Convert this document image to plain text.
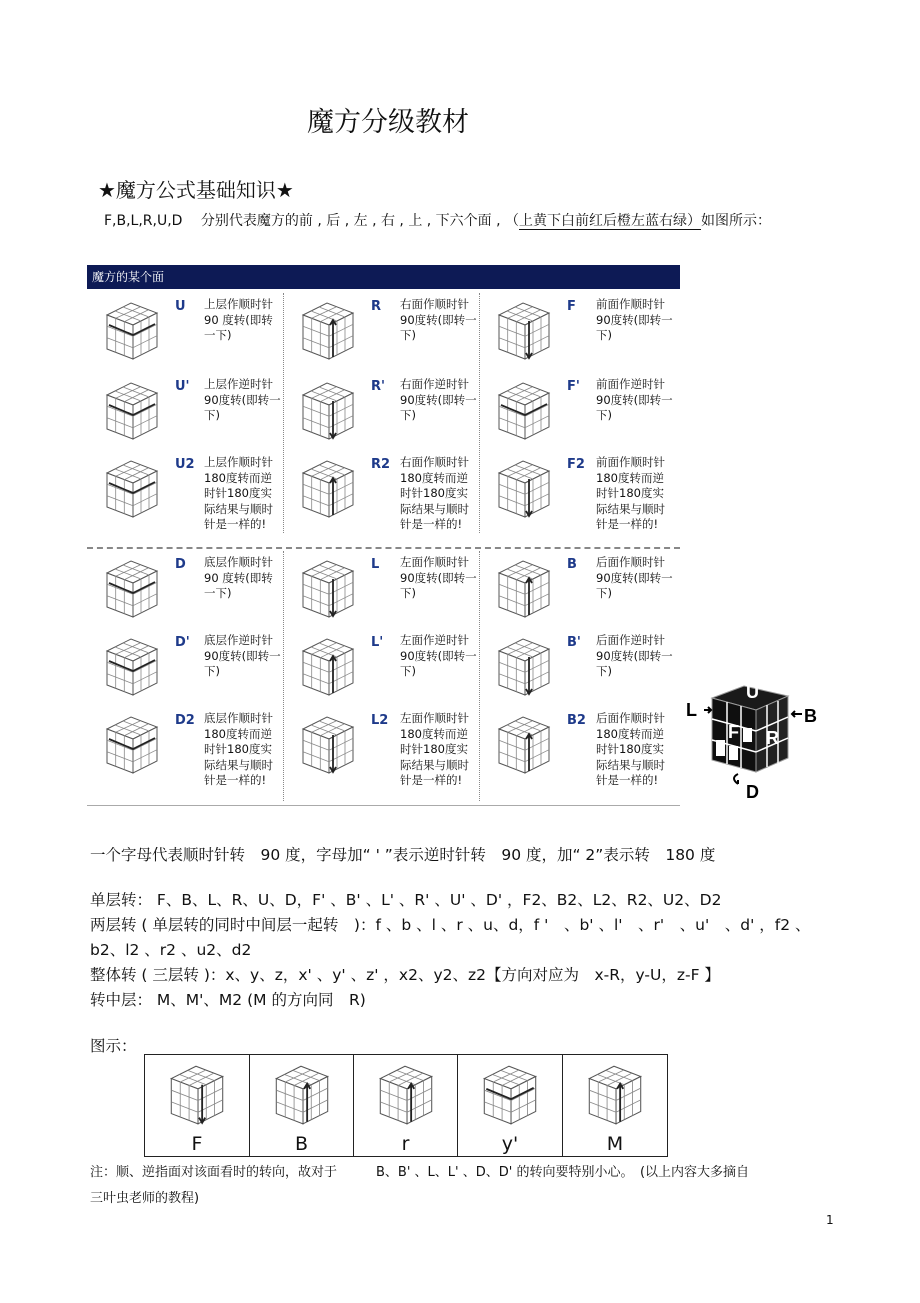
魔方分级教材
★魔方公式基础知识★
F,B,L,R,U,D 分别代表魔方的前 , 后 , 左 , 右 , 上 , 下六个面 , （上黄下白前红后橙左蓝右绿）如图所示：
魔方的某个面
U 上层作顺时针90 度转(即转一下)
R 右面作顺时针90度转(即转一下)
F 前面作顺时针90度转(即转一下)
U' 上层作逆时针90度转(即转一下)
R' 右面作逆时针90度转(即转一下)
F' 前面作逆时针90度转(即转一下)
U2 上层作顺时针180度转而逆时针180度实际结果与顺时针是一样的!
R2 右面作顺时针180度转而逆时针180度实际结果与顺时针是一样的!
F2 前面作顺时针180度转而逆时针180度实际结果与顺时针是一样的!
D 底层作顺时针90 度转(即转一下)
L 左面作顺时针90度转(即转一下)
B 后面作顺时针90度转(即转一下)
D' 底层作逆时针90度转(即转一下)
L' 左面作逆时针90度转(即转一下)
B' 后面作逆时针90度转(即转一下)
D2 底层作顺时针180度转而逆时针180度实际结果与顺时针是一样的!
L2 左面作顺时针180度转而逆时针180度实际结果与顺时针是一样的!
B2 后面作顺时针180度转而逆时针180度实际结果与顺时针是一样的!
U
L	B
F R
D
一个字母代表顺时针转　90 度，字母加“ ' ”表示逆时针转　90 度，加“ 2”表示转　180 度
单层转： F、B、L、R、U、D，F' 、B' 、L' 、R' 、U' 、D' ，F2、B2、L2、R2、U2、D2
两层转 ( 单层转的同时中间层一起转　)：f 、b 、l 、r 、u、d，f '　、b' 、l'　、r'　、u'　、d' ，f2 、
b2、l2 、r2 、u2、d2
整体转 ( 三层转 )：x、y、z，x' 、y' 、z' ，x2、y2、z2【方向对应为　x-R，y-U，z-F 】
转中层： M、M'、M2 (M 的方向同　R)
图示：
F	B	r	y'	M
注：顺、逆指面对该面看时的转向，故对于　　　B、B' 、L、L' 、D、D' 的转向要特别小心。　(以上内容大多摘自
三叶虫老师的教程)
1
